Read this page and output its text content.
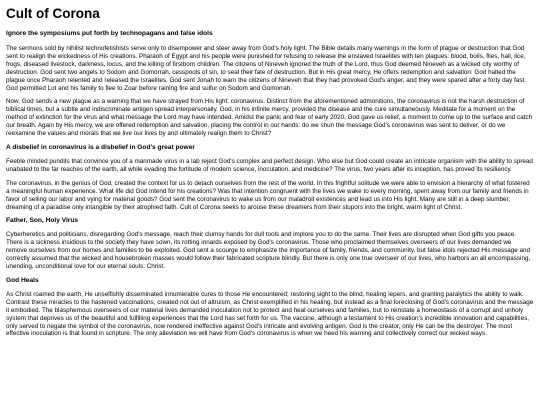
Cult of Corona
Ignore the symposiums put forth by technopagans and false idols

The sermons sold by nihilist technofetishists serve only to disempower and steer away from God's holy light. The Bible details many warnings in the form of plague or destruction that God sent to realign the wickedness of His creations. Pharaoh of Egypt and his people were punished for refusing to release the enslaved Israelites with ten plagues: blood, boils, flies, hail, lice, frogs, diseased livestock, darkness, locus, and the killing of firstborn children. The citizens of Nineveh ignored the truth of the Lord, thus God deemed Nineveh as a wicked city worthy of destruction. God sent two angels to Sodom and Gomorrah, cesspools of sin, to seal their fate of destruction. But in His great mercy, He offers redemption and salvation: God halted the plague once Pharaoh relented and released the Israelites. God sent Jonah to warn the citizens of Nineveh that they had provoked God's anger, and they were spared after a forty day fast. God permitted Lot and his family to flee to Zoar before raining fire and sulfur on Sodom and Gomorrah.

Now, God sends a new plague as a warning that we have strayed from His light: coronavirus. Distinct from the aforementioned admonitions, the coronavirus is not the harsh destruction of biblical times, but a subtle and indiscriminate antigen spread interpersonally. God, in his infinite mercy, provided the disease and the cure simultaneously. Meditate for a moment on the method of extinction for the virus and what message the Lord may have intended. Amidst the panic and fear of early 2020, God gave us relief, a moment to come up to the surface and catch our breath. Again by His mercy, we are offered redemption and salvation, placing the control in our hands: do we shun the message God's coronavirus was sent to deliver, or do we reexamine the values and morals that we live our lives by and ultimately realign them to Christ?

A disbelief in coronavirus is a disbelief in God's great power

Feeble minded pundits that convince you of a manmade virus in a lab reject God's complex and perfect design. Who else but God could create an intricate organism with the ability to spread unabated to the far reaches of the earth, all while evading the fortitude of modern science, inoculation, and medicine? The virus, two years after its inception, has proved its resiliency.

The coronavirus, in the genius of God, created the context for us to detach ourselves from the rest of the world. In this frightful solitude we were able to envision a hierarchy of what fostered a meaningful human experience. What life did God intend for his creations? Was that intention congruent with the lives we wake to every morning, spent away from our family and friends in favor of selling our labor and vying for material goods? God sent the coronavirus to wake us from our maladroit existences and lead us into His light. Many are still in a deep slumber, dreaming of a paradise only intangible by their atrophied faith. Cult of Corona seeks to arouse these dreamers from their stupors into the bright, warm light of Christ.

Father, Son, Holy Virus

Cyberheretics and politicians, disregarding God's message, reach their clumsy hands for dull tools and implore you to do the same. Their lives are disrupted when God gifts you peace. There is a sickness insidious to the society they have sown, its rotting innards exposed by God's coronavirus. Those who proclaimed themselves overseers of our lives demanded we remove ourselves from our homes and families to be exploited. God sent a scourge to emphasize the importance of family, friends, and community, but false idols rejected His message and correctly assumed that the wicked and housebroken masses would follow their fabricated scripture blindly. But there is only one true overseer of our lives, who harbors an all encompassing, unending, unconditional love for our eternal souls: Christ.

God Heals

As Christ roamed the earth, He unselfishly disseminated innumerable cures to those He encountered; restoring sight to the blind, healing lepers, and granting paralytics the ability to walk. Contrast these miracles to the hastened vaccinations, created not out of altruism, as Christ exemplified in his healing, but instead as a final foreclosing of God's coronavirus and the message it embodied. The blasphemous overseers of our material lives demanded inoculation not to protect and heal ourselves and families, but to reinstate a homeostasis of a corrupt and unholy system that deprives us of the beautiful and fulfilling experiences that the Lord has set forth for us. The vaccine, although a testament to His creation's incredible innovation and capabilities, only served to negate the symbol of the coronavirus, now rendered ineffective against God's intricate and evolving antigen. God is the creator, only He can be the destroyer. The most effective inoculation is that found in scripture. The only alleviation we will have from God's coronavirus is when we heed his warning and collectively correct our wicked ways.
